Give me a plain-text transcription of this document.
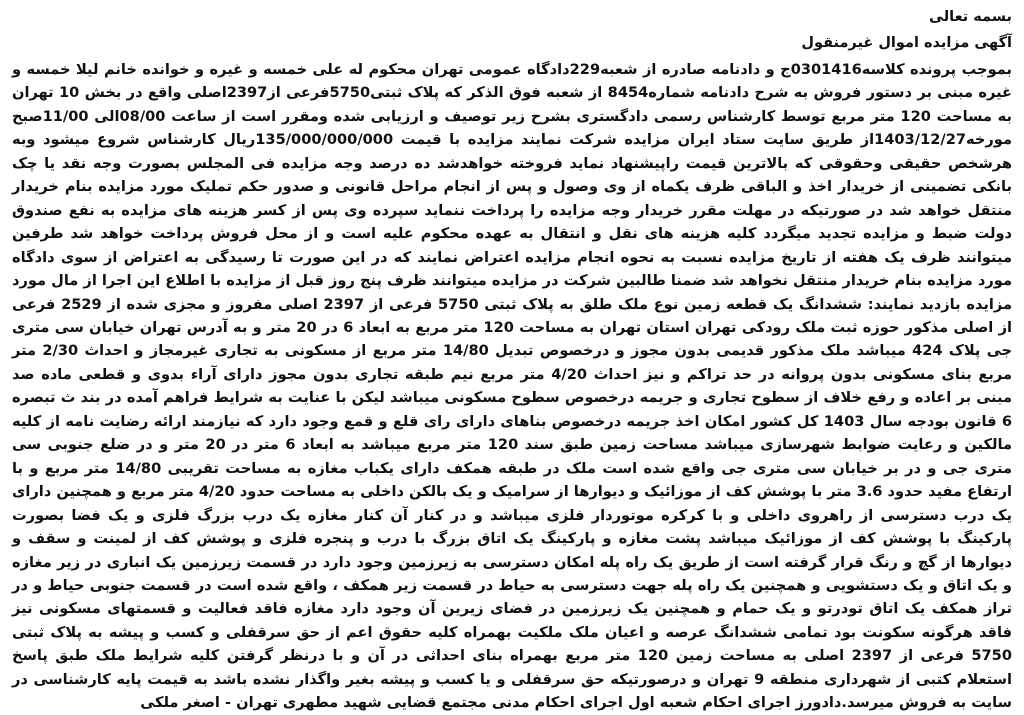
بسمه تعالی
آگهی مزایده اموال غیرمنقول
بموجب پرونده کلاسه0301416ج و دادنامه صادره از شعبه229دادگاه عمومی تهران محکوم له علی خمسه و غیره و خوانده خانم لیلا خمسه و غیره مبنی بر دستور فروش به شرح دادنامه شماره8454 از شعبه فوق الذکر که پلاک ثبتی5750فرعی از2397اصلی واقع در بخش 10 تهران به مساحت 120 متر مربع توسط کارشناس رسمی دادگستری بشرح زیر توصیف و ارزیابی شده ومقرر است از ساعت 08/00الی 11/00صبح مورخه1403/12/27از طریق سایت ستاد ایران مزایده شرکت نمایند مزایده با قیمت 135/000/000/000ریال کارشناس شروع میشود وبه هرشخص حقیقی وحقوقی که بالاترین قیمت راپیشنهاد نماید فروخته خواهدشد ده درصد وجه مزایده فی المجلس بصورت وجه نقد یا چک بانکی تضمینی از خریدار اخذ و الباقی ظرف یکماه از وی وصول و پس از انجام مراحل قانونی و صدور حکم تملیک مورد مزایده بنام خریدار منتقل خواهد شد در صورتیکه در مهلت مقرر خریدار وجه مزایده را پرداخت ننماید سپرده وی پس از کسر هزینه های مزایده به نفع صندوق دولت ضبط و مزایده تجدید میگردد کلیه هزینه های نقل و انتقال به عهده محکوم علیه است و از محل فروش پرداخت خواهد شد طرفین میتوانند ظرف یک هفته از تاریخ مزایده نسبت به نحوه انجام مزایده اعتراض نمایند که در این صورت تا رسیدگی به اعتراض از سوی دادگاه مورد مزایده بنام خریدار منتقل نخواهد شد ضمنا طالبین شرکت در مزایده میتوانند ظرف پنج روز قبل از مزایده با اطلاع این اجرا از مال مورد مزایده بازدید نمایند: ششدانگ یک قطعه زمین نوع ملک طلق به پلاک ثبتی 5750 فرعی از 2397 اصلی مفروز و مجزی شده از 2529 فرعی از اصلی مذکور حوزه ثبت ملک رودکی تهران استان تهران به مساحت 120 متر مربع به ابعاد 6 در 20 متر و به آدرس تهران خیابان سی متری جی پلاک 424 میباشد ملک مذکور قدیمی بدون مجوز و درخصوص تبدیل 14/80 متر مربع از مسکونی به تجاری غیرمجاز و احداث 2/30 متر مربع بنای مسکونی بدون پروانه در حد تراکم و نیز احداث 4/20 متر مربع نیم طبقه تجاری بدون مجوز دارای آراء بدوی و قطعی ماده صد مبنی بر اعاده و رفع خلاف از سطوح تجاری و جریمه درخصوص سطوح مسکونی میباشد لیکن با عنایت به شرایط فراهم آمده در بند ث تبصره 6 قانون بودجه سال 1403 کل کشور امکان اخذ جریمه درخصوص بناهای دارای رای قلع و قمع وجود دارد که نیازمند ارائه رضایت نامه از کلیه مالکین و رعایت ضوابط شهرسازی میباشد مساحت زمین طبق سند 120 متر مربع میباشد به ابعاد 6 متر در 20 متر و در ضلع جنوبی سی متری جی و در بر خیابان سی متری جی واقع شده است ملک در طبقه همکف دارای یکباب مغازه به مساحت تقریبی 14/80 متر مربع و با ارتفاع مفید حدود 3.6 متر با پوشش کف از موزائیک و دیوارها از سرامیک و یک بالکن داخلی به مساحت حدود 4/20 متر مربع و همچنین دارای یک درب دسترسی از راهروی داخلی و با کرکره موتوردار فلزی میباشد و در کنار آن کنار مغازه یک درب بزرگ فلزی و یک فضا بصورت پارکینگ با پوشش کف از موزائیک میباشد پشت مغازه و پارکینگ یک اتاق بزرگ با درب و پنجره فلزی و پوشش کف از لمینت و سقف و دیوارها از گچ و رنگ قرار گرفته است از طریق یک راه پله امکان دسترسی به زیرزمین وجود دارد در قسمت زیرزمین یک انباری در زیر مغازه و یک اتاق و یک دستشویی و همچنین یک راه پله جهت دسترسی به حیاط در قسمت زیر همکف ، واقع شده است در قسمت جنوبی حیاط و در تراز همکف یک اتاق تودرتو و یک حمام و همچنین یک زیرزمین در فضای زیرین آن وجود دارد مغازه فاقد فعالیت و قسمتهای مسکونی نیز فاقد هرگونه سکونت بود تمامی ششدانگ عرصه و اعیان ملک ملکیت بهمراه کلیه حقوق اعم از حق سرقفلی و کسب و پیشه به پلاک ثبتی 5750 فرعی از 2397 اصلی به مساحت زمین 120 متر مربع بهمراه بنای احداثی در آن و با درنظر گرفتن کلیه شرایط ملک طبق پاسخ استعلام کتبی از شهرداری منطقه 9 تهران و درصورتیکه حق سرقفلی و یا کسب و پیشه بغیر واگذار نشده باشد به قیمت پایه کارشناسی در سایت به فروش میرسد.دادورز اجرای احکام شعبه اول اجرای احکام مدنی مجتمع قضایی شهید مطهری تهران - اصغر ملکی
